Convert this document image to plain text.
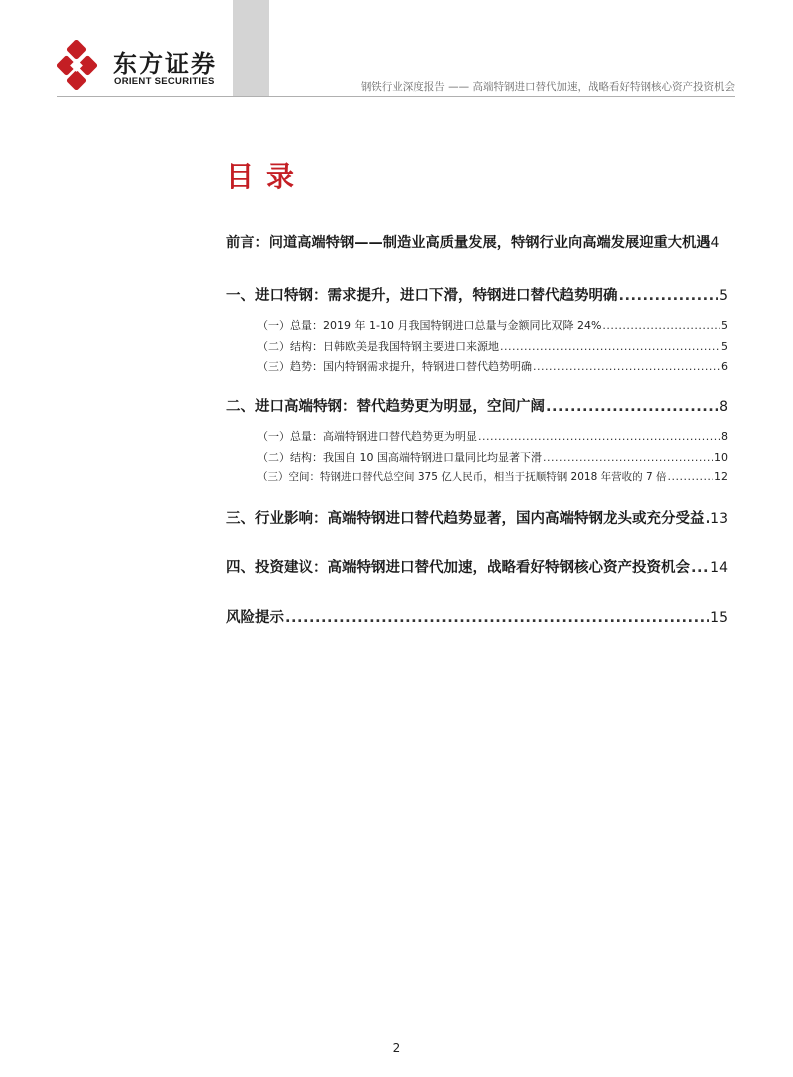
东方证券
ORIENT SECURITIES	钢铁行业深度报告 —— 高端特钢进口替代加速，战略看好特钢核心资产投资机会
目录
前言：问道高端特钢——制造业高质量发展，特钢行业向高端发展迎重大机遇 4
一、进口特钢：需求提升，进口下滑，特钢进口替代趋势明确 .....	5
（一）总量：2019 年 1-10 月我国特钢进口总量与金额同比双降 24% .....	5
（二）结构：日韩欧美是我国特钢主要进口来源地 .....	5
（三）趋势：国内特钢需求提升，特钢进口替代趋势明确 .....	6
二、进口高端特钢：替代趋势更为明显，空间广阔 .....	8
（一）总量：高端特钢进口替代趋势更为明显 .....	8
（二）结构：我国自 10 国高端特钢进口量同比均显著下滑 .....	10
（三）空间：特钢进口替代总空间 375 亿人民币，相当于抚顺特钢 2018 年营收的 7 倍 .....	12
三、行业影响：高端特钢进口替代趋势显著，国内高端特钢龙头或充分受益 ..... 13
四、投资建议：高端特钢进口替代加速，战略看好特钢核心资产投资机会 ..... 14
风险提示 .....	15
2
